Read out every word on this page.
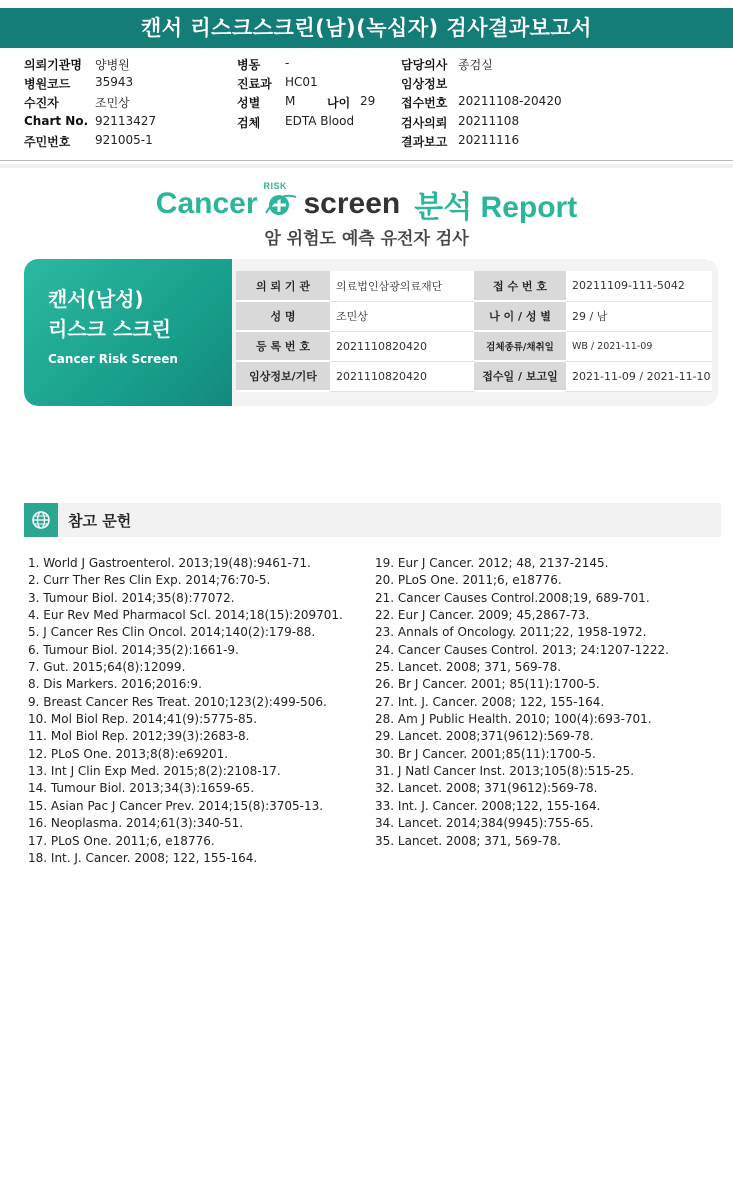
캔서 리스크스크린(남)(녹십자) 검사결과보고서
의뢰기관명 양병원
병원코드 35943
수진자	조민상
Chart No. 92113427
주민번호 921005-1
병동 -
진료과 HC01
성별 M	나이 29
검체 EDTA Blood
담당의사 종검실
임상정보
접수번호 20211108-20420
검사의뢰 20211108
결과보고 20211116
Cancer
RISK
screen 분석 Report
암 위험도 예측 유전자 검사
캔서(남성)
리스크 스크린
Cancer Risk Screen
의 뢰 기 관	의료법인삼광의료재단	접 수 번 호	20211109-111-5042
성 명	조민상	나 이 / 성 별	29 / 남
등 록 번 호	2021110820420	검체종류/채취일	WB / 2021-11-09
임상정보/기타	2021110820420	접수일 / 보고일	2021-11-09 / 2021-11-10
참고 문헌
1. World J Gastroenterol. 2013;19(48):9461-71.
2. Curr Ther Res Clin Exp. 2014;76:70-5.
3. Tumour Biol. 2014;35(8):77072.
4. Eur Rev Med Pharmacol Scl. 2014;18(15):209701.
5. J Cancer Res Clin Oncol. 2014;140(2):179-88.
6. Tumour Biol. 2014;35(2):1661-9.
7. Gut. 2015;64(8):12099.
8. Dis Markers. 2016;2016:9.
9. Breast Cancer Res Treat. 2010;123(2):499-506.
10. Mol Biol Rep. 2014;41(9):5775-85.
11. Mol Biol Rep. 2012;39(3):2683-8.
12. PLoS One. 2013;8(8):e69201.
13. Int J Clin Exp Med. 2015;8(2):2108-17.
14. Tumour Biol. 2013;34(3):1659-65.
15. Asian Pac J Cancer Prev. 2014;15(8):3705-13.
16. Neoplasma. 2014;61(3):340-51.
17. PLoS One. 2011;6, e18776.
18. Int. J. Cancer. 2008; 122, 155-164.
19. Eur J Cancer. 2012; 48, 2137-2145.
20. PLoS One. 2011;6, e18776.
21. Cancer Causes Control.2008;19, 689-701.
22. Eur J Cancer. 2009; 45,2867-73.
23. Annals of Oncology. 2011;22, 1958-1972.
24. Cancer Causes Control. 2013; 24:1207-1222.
25. Lancet. 2008; 371, 569-78.
26. Br J Cancer. 2001; 85(11):1700-5.
27. Int. J. Cancer. 2008; 122, 155-164.
28. Am J Public Health. 2010; 100(4):693-701.
29. Lancet. 2008;371(9612):569-78.
30. Br J Cancer. 2001;85(11):1700-5.
31. J Natl Cancer Inst. 2013;105(8):515-25.
32. Lancet. 2008; 371(9612):569-78.
33. Int. J. Cancer. 2008;122, 155-164.
34. Lancet. 2014;384(9945):755-65.
35. Lancet. 2008; 371, 569-78.
